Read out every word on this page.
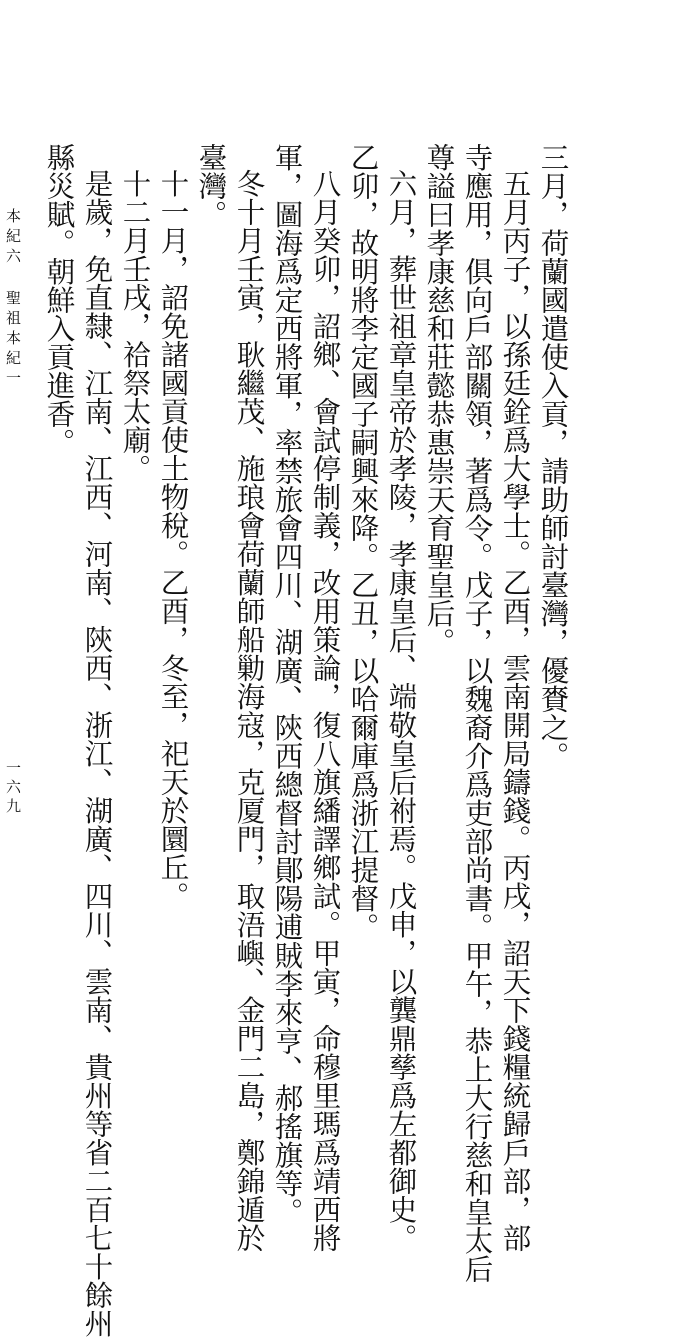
三月，荷蘭國遣使入貢，請助師討臺灣，優賚之。
五月丙子，以孫廷銓爲大學士。乙酉，雲南開局鑄錢。丙戌，詔天下錢糧統歸戶部，部
寺應用，俱向戶部關領，著爲令。戊子，以魏裔介爲吏部尚書。甲午，恭上大行慈和皇太后
尊謚曰孝康慈和莊懿恭惠崇天育聖皇后。
六月，葬世祖章皇帝於孝陵，孝康皇后、端敬皇后祔焉。戊申，以龔鼎孳爲左都御史。
乙卯，故明將李定國子嗣興來降。乙丑，以哈爾庫爲浙江提督。
八月癸卯，詔鄉、會試停制義，改用策論，復八旗繙譯鄉試。甲寅，命穆里瑪爲靖西將
軍，圖海爲定西將軍，率禁旅會四川、湖廣、陝西總督討鄖陽逋賊李來亨、郝搖旗等。
冬十月壬寅，耿繼茂、施琅會荷蘭師船勦海寇，克厦門，取浯嶼、金門二島，鄭錦遁於
臺灣。
十一月，詔免諸國貢使土物稅。乙酉，冬至，祀天於圜丘。
十二月壬戌，祫祭太廟。
是歲，免直隸、江南、江西、河南、陝西、浙江、湖廣、四川、雲南、貴州等省二百七十餘州
縣災賦。朝鮮入貢進香。
本紀六
聖祖本紀一
一六九
